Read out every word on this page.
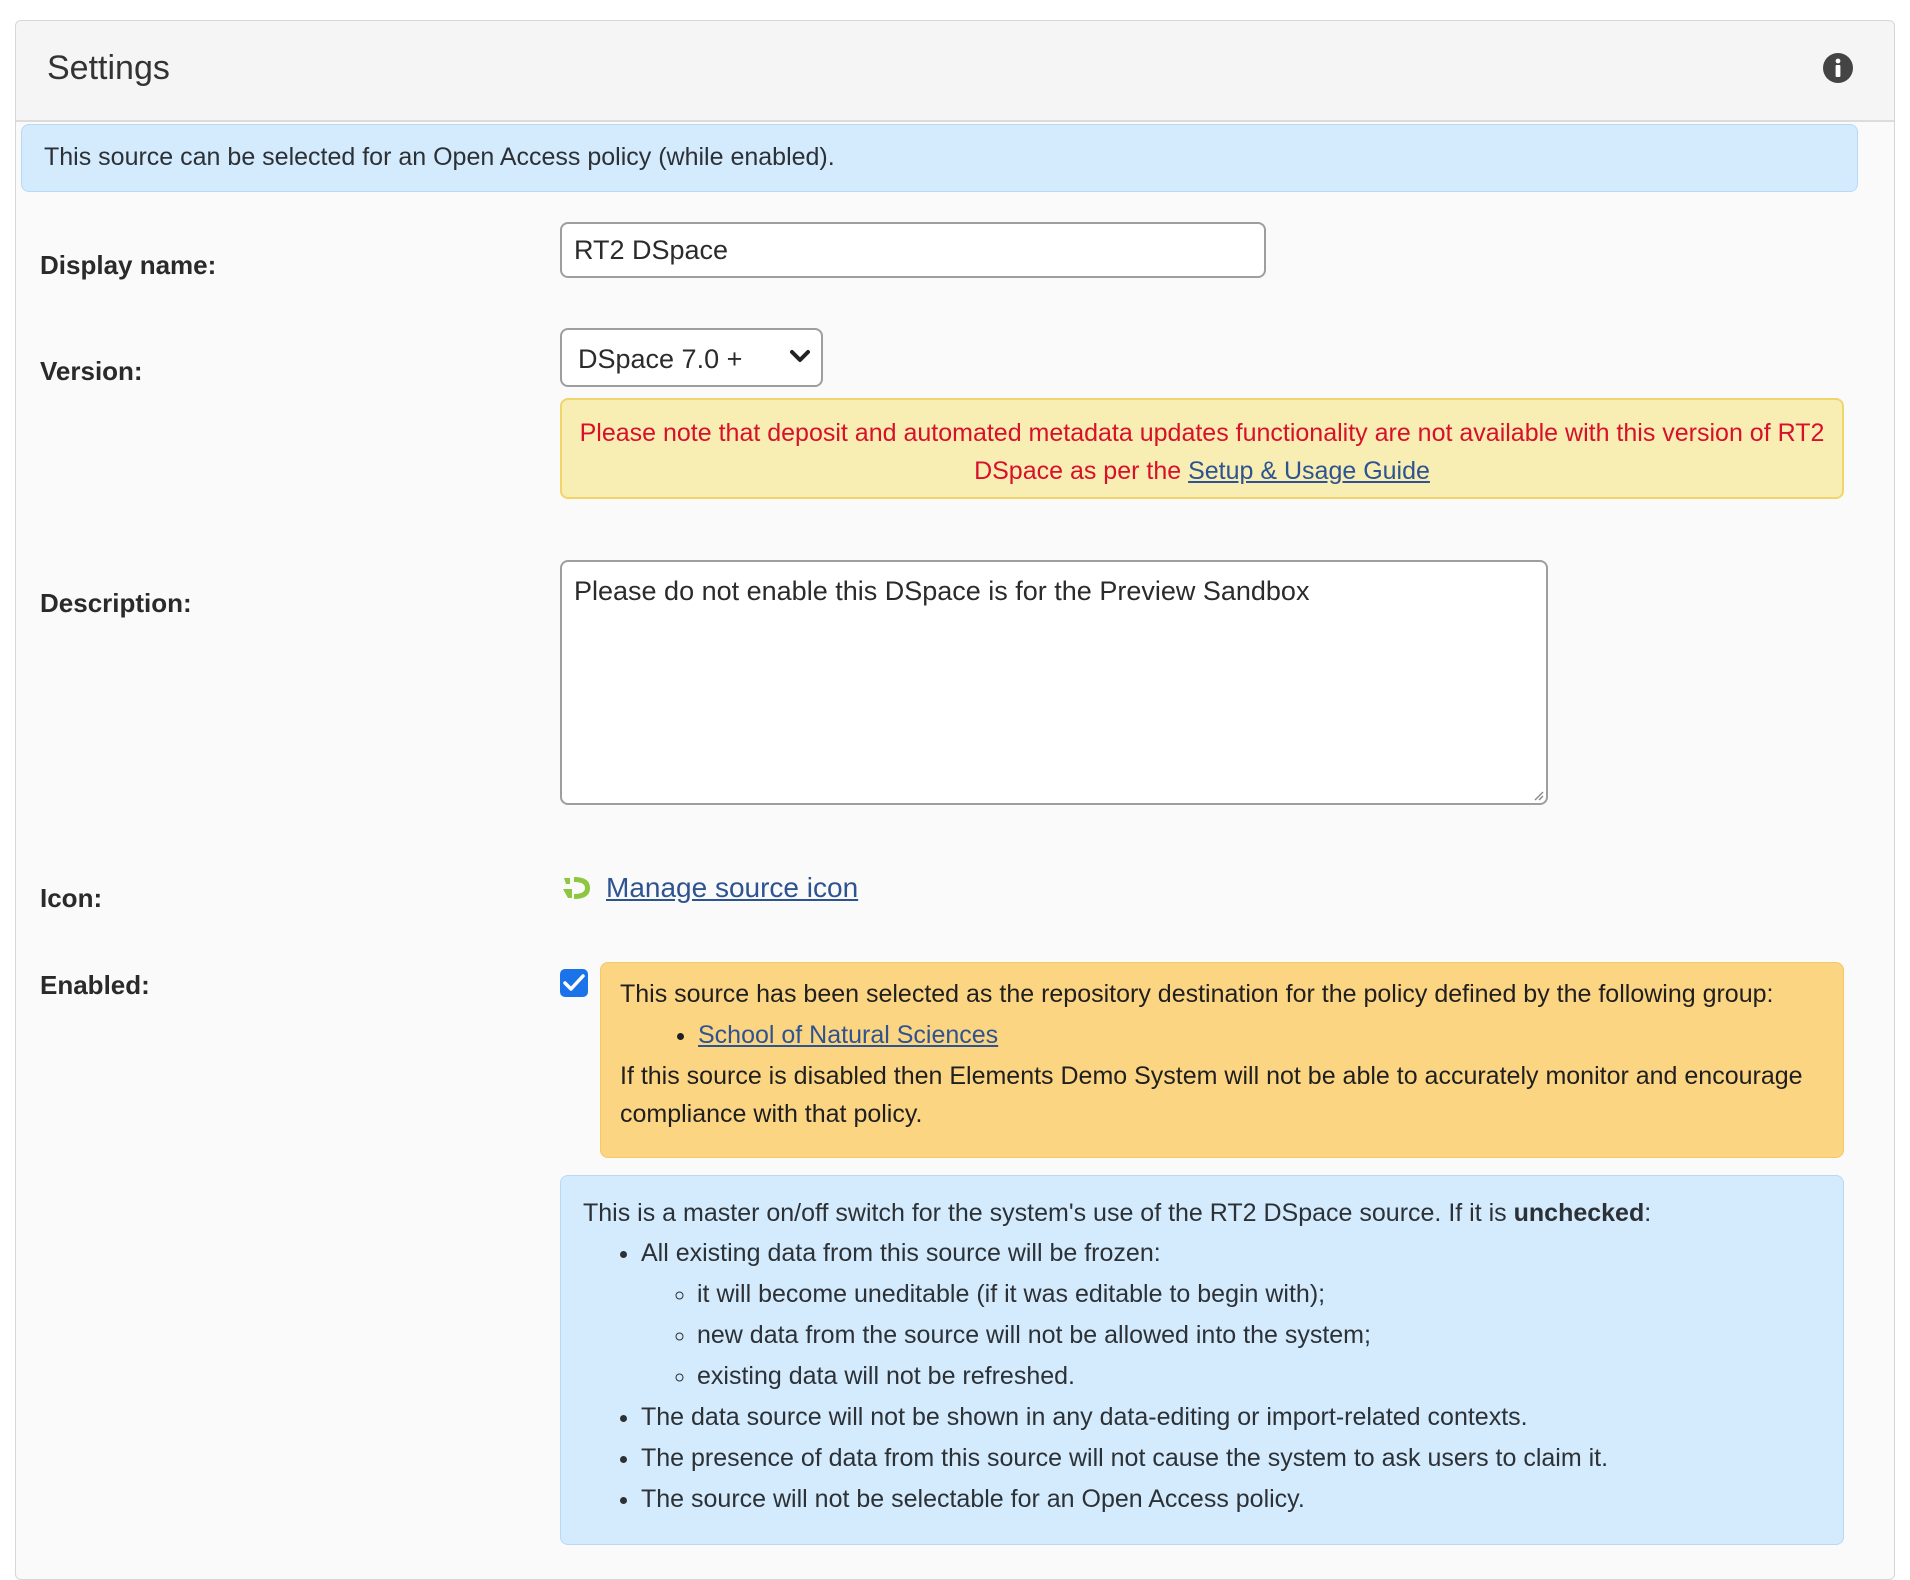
Settings
This source can be selected for an Open Access policy (while enabled).
Display name:
RT2 DSpace
Version:	DSpace 7.0 +
Please note that deposit and automated metadata updates functionality are not available with this version of RT2 DSpace as per the Setup & Usage Guide
Description:	Please do not enable this DSpace is for the Preview Sandbox
Icon:	Manage source icon
Enabled:	This source has been selected as the repository destination for the policy defined by the following group:
• School of Natural Sciences
If this source is disabled then Elements Demo System will not be able to accurately monitor and encourage compliance with that policy.
This is a master on/off switch for the system's use of the RT2 DSpace source. If it is unchecked:
• All existing data from this source will be frozen:
◦ it will become uneditable (if it was editable to begin with);
◦ new data from the source will not be allowed into the system;
◦ existing data will not be refreshed.
• The data source will not be shown in any data-editing or import-related contexts.
• The presence of data from this source will not cause the system to ask users to claim it.
• The source will not be selectable for an Open Access policy.
